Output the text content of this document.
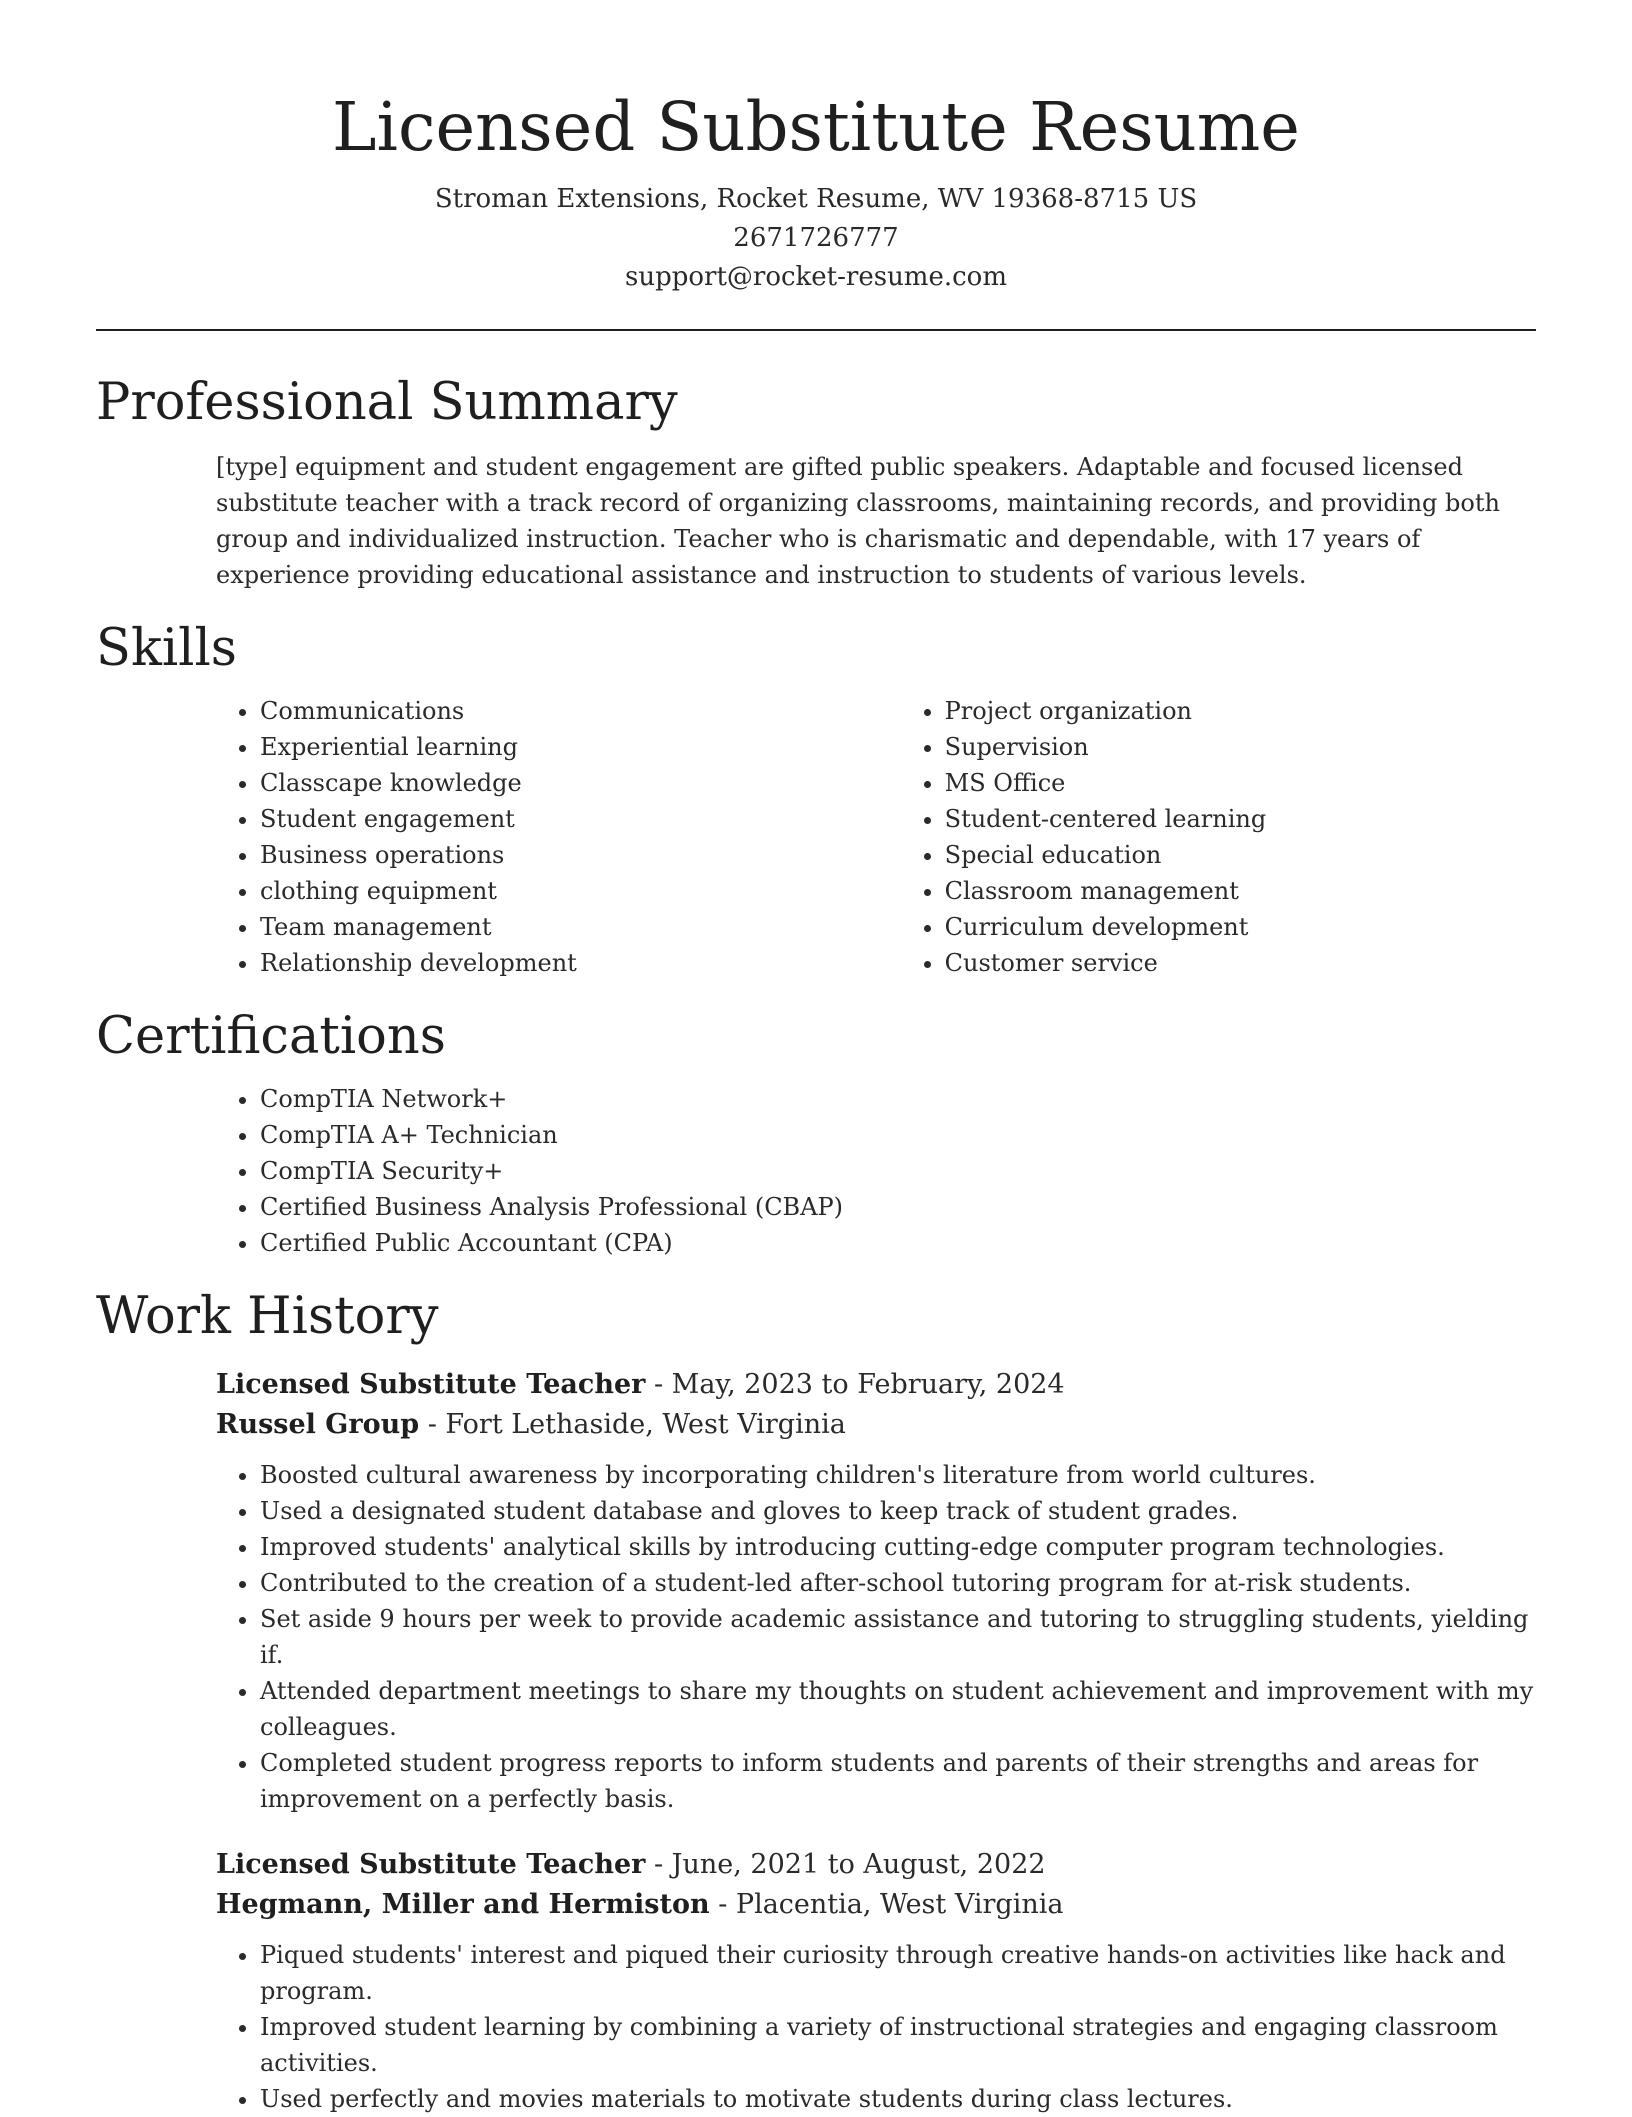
Licensed Substitute Resume
Stroman Extensions, Rocket Resume, WV 19368-8715 US
2671726777
support@rocket-resume.com
Professional Summary

[type] equipment and student engagement are gifted public speakers. Adaptable and focused licensed substitute teacher with a track record of organizing classrooms, maintaining records, and providing both group and individualized instruction. Teacher who is charismatic and dependable, with 17 years of experience providing educational assistance and instruction to students of various levels.

Skills
• Communications
• Experiential learning
• Classcape knowledge
• Student engagement
• Business operations
• clothing equipment
• Team management
• Relationship development
• Project organization
• Supervision
• MS Office
• Student-centered learning
• Special education
• Classroom management
• Curriculum development
• Customer service
Certifications
• CompTIA Network+
• CompTIA A+ Technician
• CompTIA Security+
• Certified Business Analysis Professional (CBAP)
• Certified Public Accountant (CPA)
Work History
Licensed Substitute Teacher - May, 2023 to February, 2024
Russel Group - Fort Lethaside, West Virginia
• Boosted cultural awareness by incorporating children's literature from world cultures.
• Used a designated student database and gloves to keep track of student grades.
• Improved students' analytical skills by introducing cutting-edge computer program technologies.
• Contributed to the creation of a student-led after-school tutoring program for at-risk students.
• Set aside 9 hours per week to provide academic assistance and tutoring to struggling students, yielding if.
• Attended department meetings to share my thoughts on student achievement and improvement with my colleagues.
• Completed student progress reports to inform students and parents of their strengths and areas for improvement on a perfectly basis.
Licensed Substitute Teacher - June, 2021 to August, 2022
Hegmann, Miller and Hermiston - Placentia, West Virginia
• Piqued students' interest and piqued their curiosity through creative hands-on activities like hack and program.
• Improved student learning by combining a variety of instructional strategies and engaging classroom activities.
• Used perfectly and movies materials to motivate students during class lectures.
